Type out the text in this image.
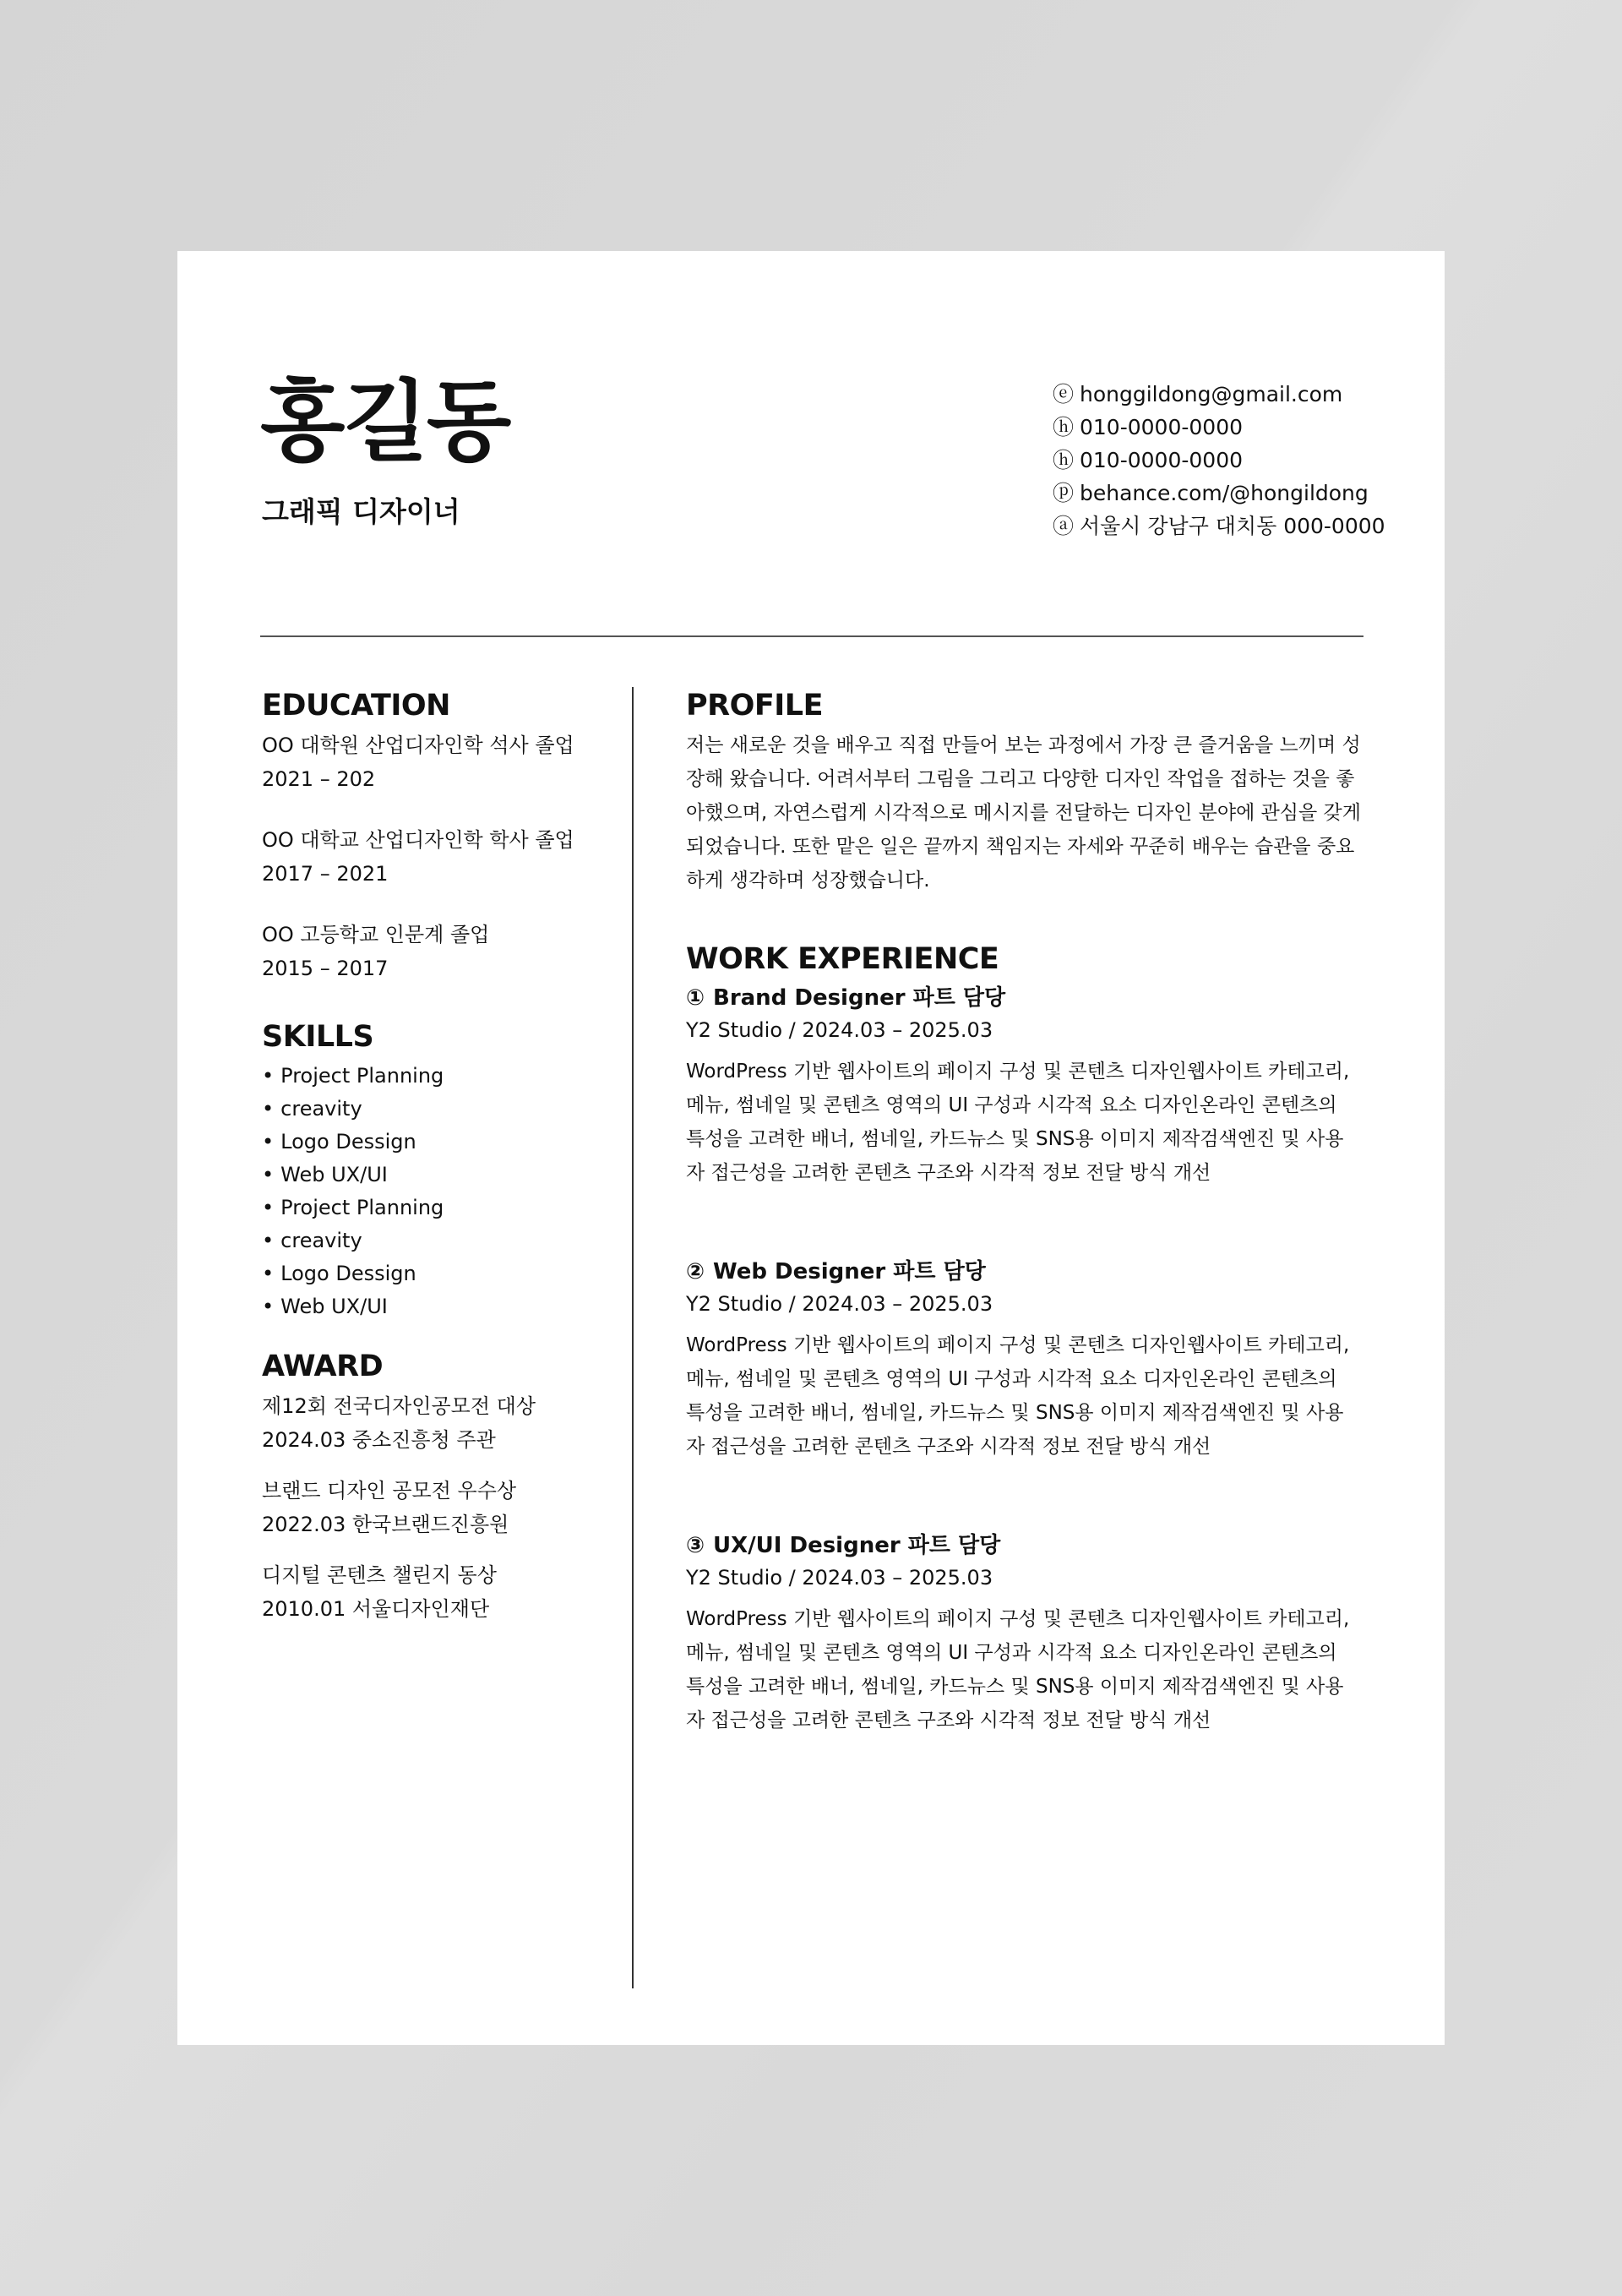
홍길동
그래픽 디자이너
ⓔ honggildong@gmail.com
ⓗ 010-0000-0000
ⓗ 010-0000-0000
ⓟ behance.com/@hongildong
ⓐ 서울시 강남구 대치동 000-0000
EDUCATION
OO 대학원 산업디자인학 석사 졸업
2021 – 202
OO 대학교 산업디자인학 학사 졸업
2017 – 2021
OO 고등학교 인문계 졸업
2015 – 2017
SKILLS
• Project Planning
• creavity
• Logo Dessign
• Web UX/UI
• Project Planning
• creavity
• Logo Dessign
• Web UX/UI
AWARD
제12회 전국디자인공모전 대상
2024.03 중소진흥청 주관
브랜드 디자인 공모전 우수상
2022.03 한국브랜드진흥원
디지털 콘텐츠 챌린지 동상
2010.01 서울디자인재단
PROFILE

저는 새로운 것을 배우고 직접 만들어 보는 과정에서 가장 큰 즐거움을 느끼며 성장해 왔습니다. 어려서부터 그림을 그리고 다양한 디자인 작업을 접하는 것을 좋아했으며, 자연스럽게 시각적으로 메시지를 전달하는 디자인 분야에 관심을 갖게 되었습니다. 또한 맡은 일은 끝까지 책임지는 자세와 꾸준히 배우는 습관을 중요하게 생각하며 성장했습니다.

WORK EXPERIENCE
① Brand Designer 파트 담당
Y2 Studio / 2024.03 – 2025.03
WordPress 기반 웹사이트의 페이지 구성 및 콘텐츠 디자인웹사이트 카테고리, 메뉴, 썸네일 및 콘텐츠 영역의 UI 구성과 시각적 요소 디자인온라인 콘텐츠의 특성을 고려한 배너, 썸네일, 카드뉴스 및 SNS용 이미지 제작검색엔진 및 사용자 접근성을 고려한 콘텐츠 구조와 시각적 정보 전달 방식 개선
② Web Designer 파트 담당
Y2 Studio / 2024.03 – 2025.03
WordPress 기반 웹사이트의 페이지 구성 및 콘텐츠 디자인웹사이트 카테고리, 메뉴, 썸네일 및 콘텐츠 영역의 UI 구성과 시각적 요소 디자인온라인 콘텐츠의 특성을 고려한 배너, 썸네일, 카드뉴스 및 SNS용 이미지 제작검색엔진 및 사용자 접근성을 고려한 콘텐츠 구조와 시각적 정보 전달 방식 개선
③ UX/UI Designer 파트 담당
Y2 Studio / 2024.03 – 2025.03
WordPress 기반 웹사이트의 페이지 구성 및 콘텐츠 디자인웹사이트 카테고리, 메뉴, 썸네일 및 콘텐츠 영역의 UI 구성과 시각적 요소 디자인온라인 콘텐츠의 특성을 고려한 배너, 썸네일, 카드뉴스 및 SNS용 이미지 제작검색엔진 및 사용자 접근성을 고려한 콘텐츠 구조와 시각적 정보 전달 방식 개선
